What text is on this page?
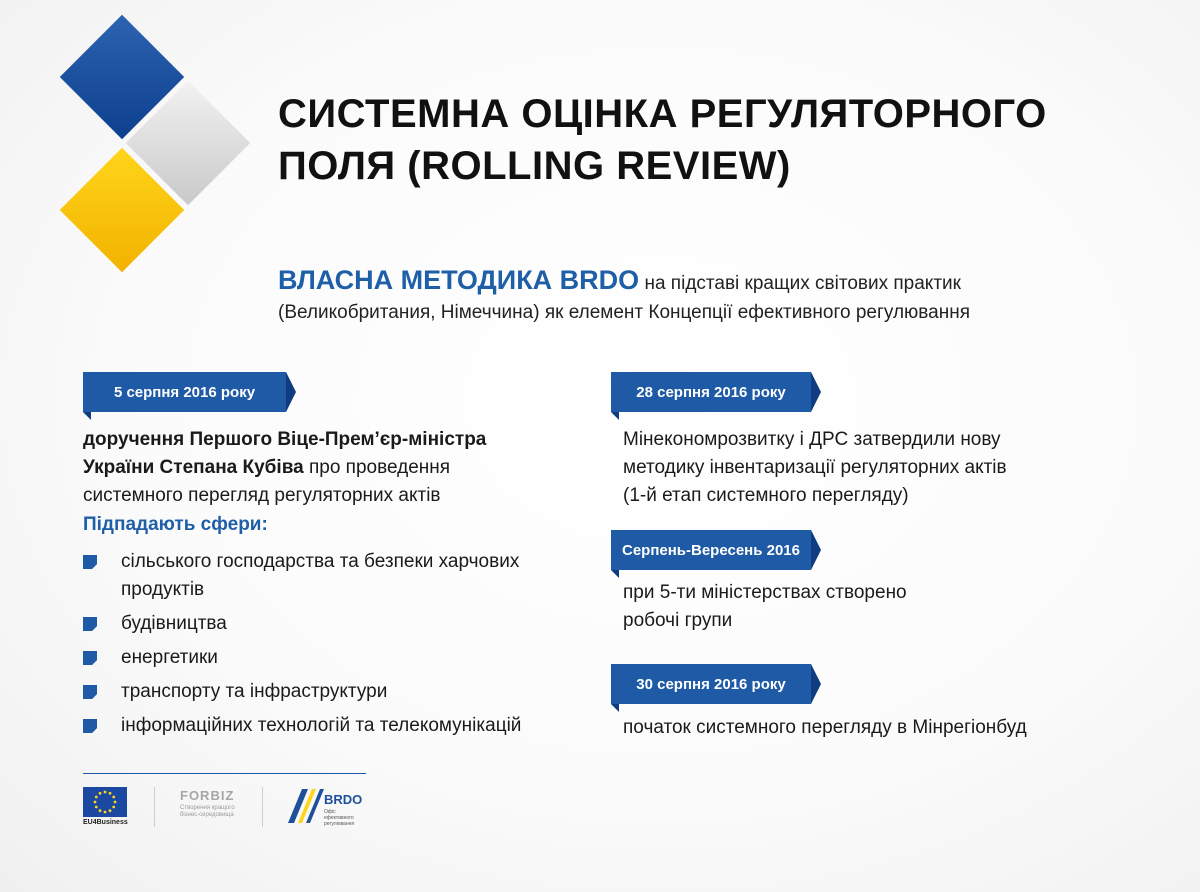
СИСТЕМНА ОЦІНКА РЕГУЛЯТОРНОГО
ПОЛЯ (ROLLING REVIEW)

ВЛАСНА МЕТОДИКА BRDO на підставі кращих світових практик
(Великобритания, Німеччина) як елемент Концепції ефективного регулювання

5 серпня 2016 року

доручення Першого Віце-Прем’єр-міністра
України Степана Кубіва про проведення
системного перегляд регуляторних актів

Підпадають сфери:

сільського господарства та безпеки харчових продуктів
будівництва
енергетики
транспорту та інфраструктури
інформаційних технологій та телекомунікацій
28 серпня 2016 року

Мінекономрозвитку і ДРС затвердили нову
методику інвентаризації регуляторних актів
(1-й етап системного перегляду)

Серпень-Вересень 2016

при 5-ти міністерствах створено
робочі групи

30 серпня 2016 року

початок системного перегляду в Мінрегіонбуд

EU4Business

FORBIZ

Створення кращого бізнес-середовища

BRDO

Офіс ефективного регулювання
